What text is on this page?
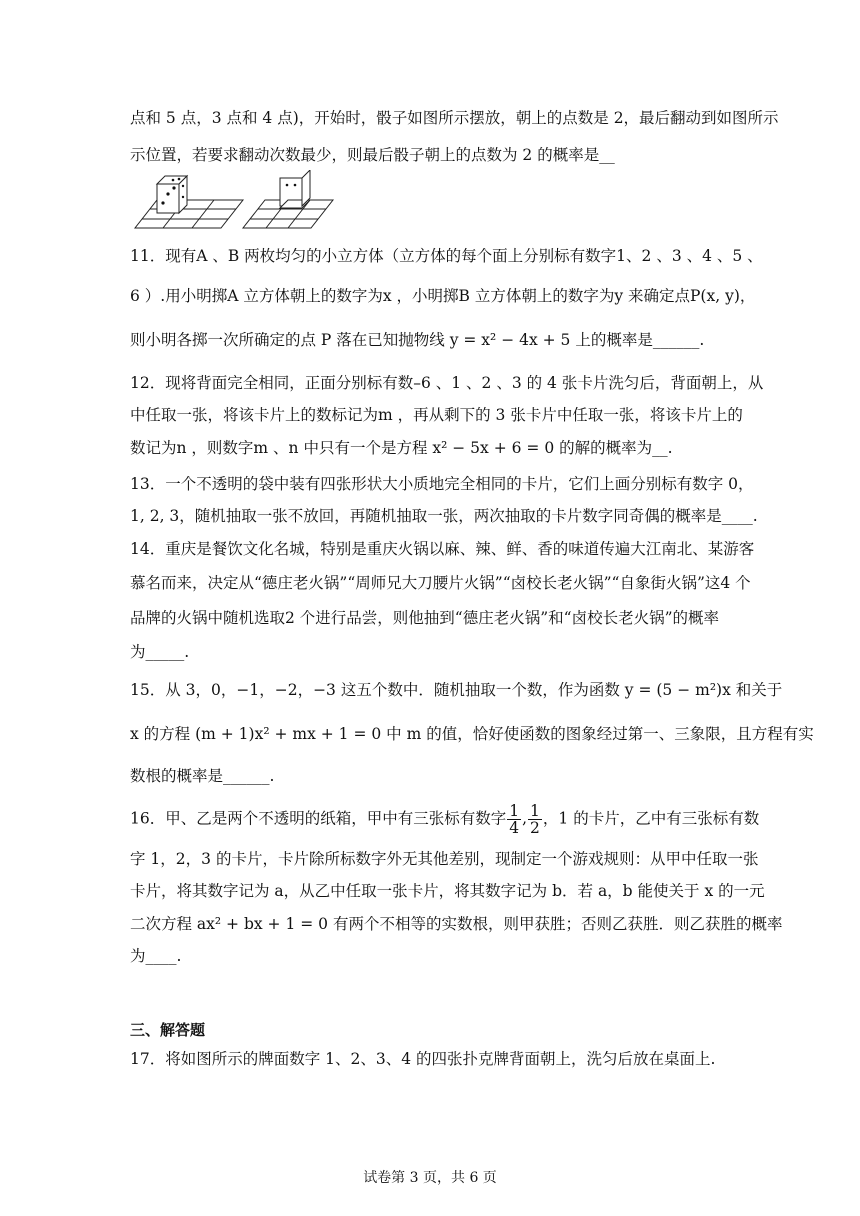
点和 5 点，3 点和 4 点)，开始时，骰子如图所示摆放，朝上的点数是 2，最后翻动到如图所示
示位置，若要求翻动次数最少，则最后骰子朝上的点数为 2 的概率是__
11．现有A 、B 两枚均匀的小立方体（立方体的每个面上分别标有数字1、2 、3 、4 、5 、
6 ）.用小明掷A 立方体朝上的数字为x ，小明掷B 立方体朝上的数字为y 来确定点P(x, y)，
则小明各掷一次所确定的点 P 落在已知抛物线 y = x² − 4x + 5 上的概率是______.
12．现将背面完全相同，正面分别标有数–6 、1 、2 、3 的 4 张卡片洗匀后，背面朝上，从
中任取一张，将该卡片上的数标记为m ，再从剩下的 3 张卡片中任取一张，将该卡片上的
数记为n ，则数字m 、n 中只有一个是方程 x² − 5x + 6 = 0 的解的概率为__.
13．一个不透明的袋中装有四张形状大小质地完全相同的卡片，它们上画分别标有数字 0，
1, 2, 3，随机抽取一张不放回，再随机抽取一张，两次抽取的卡片数字同奇偶的概率是____.
14．重庆是餐饮文化名城，特别是重庆火锅以麻、辣、鲜、香的味道传遍大江南北、某游客
慕名而来，决定从“德庄老火锅”“周师兄大刀腰片火锅”“卤校长老火锅”“自象街火锅”这4 个
品牌的火锅中随机选取2 个进行品尝，则他抽到“德庄老火锅”和“卤校长老火锅”的概率
为_____.
15．从 3，0，−1，−2，−3 这五个数中．随机抽取一个数，作为函数 y = (5 − m²)x 和关于
x 的方程 (m + 1)x² + mx + 1 = 0 中 m 的值，恰好使函数的图象经过第一、三象限，且方程有实
数根的概率是______.
16．甲、乙是两个不透明的纸箱，甲中有三张标有数字 $\frac{1}{4}$ , $\frac{1}{2}$ ，1 的卡片，乙中有三张标有数
字 1，2，3 的卡片，卡片除所标数字外无其他差别，现制定一个游戏规则：从甲中任取一张
卡片，将其数字记为 a，从乙中任取一张卡片，将其数字记为 b．若 a，b 能使关于 x 的一元
二次方程 ax² + bx + 1 = 0 有两个不相等的实数根，则甲获胜；否则乙获胜．则乙获胜的概率
为____.
三、解答题
17．将如图所示的牌面数字 1、2、3、4 的四张扑克牌背面朝上，洗匀后放在桌面上.
试卷第 3 页，共 6 页
